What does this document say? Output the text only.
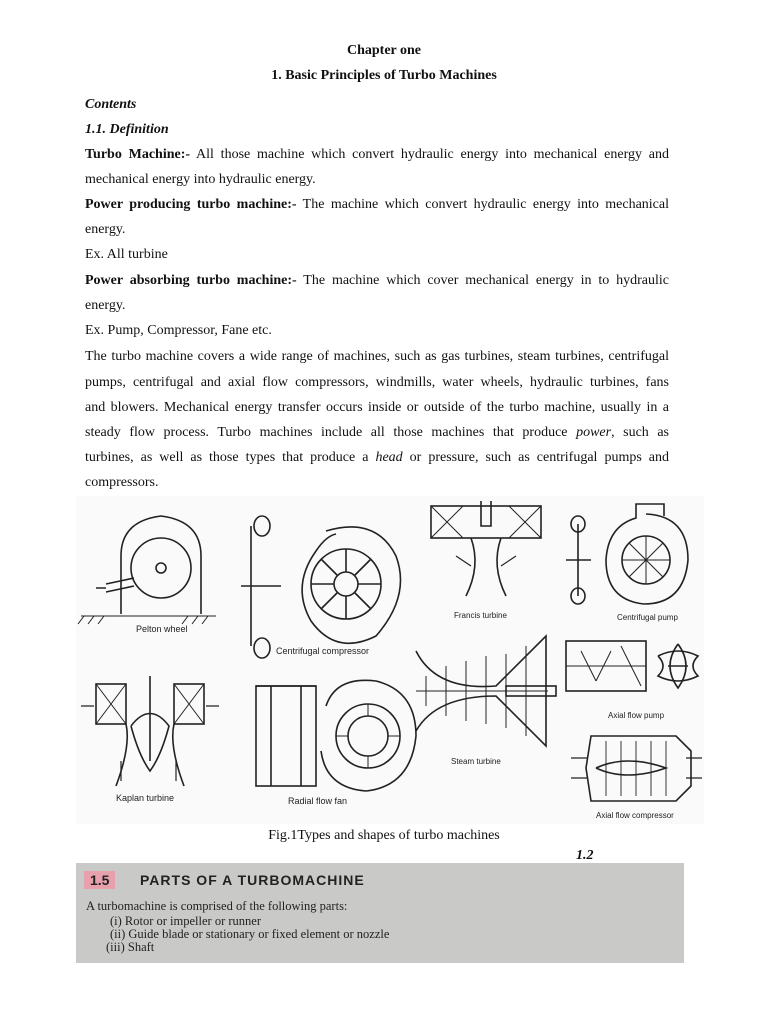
Chapter one
1. Basic Principles of Turbo Machines
Contents
1.1. Definition
Turbo Machine:- All those machine which convert hydraulic energy into mechanical energy and
mechanical energy into hydraulic energy.
Power producing turbo machine:- The machine which convert hydraulic energy into mechanical
energy.
Ex. All turbine
Power absorbing turbo machine:- The machine which cover mechanical energy in to hydraulic
energy.
Ex. Pump, Compressor, Fane etc.
The turbo machine covers a wide range of machines, such as gas turbines, steam turbines, centrifugal
pumps, centrifugal and axial flow compressors, windmills, water wheels, hydraulic turbines, fans
and blowers. Mechanical energy transfer occurs inside or outside of the turbo machine, usually in a
steady flow process. Turbo machines include all those machines that produce power, such as
turbines, as well as those types that produce a head or pressure, such as centrifugal pumps and
compressors.
Pelton wheel
Centrifugal compressor
Francis turbine	Centrifugal pump
Kaplan turbine	Radial flow fan
Steam turbine
Axial flow pump
Axial flow compressor
Fig.1Types and shapes of turbo machines
1.2
1.5	PARTS OF A TURBOMACHINE
A turbomachine is comprised of the following parts:
(i) Rotor or impeller or runner
(ii) Guide blade or stationary or fixed element or nozzle
(iii) Shaft
